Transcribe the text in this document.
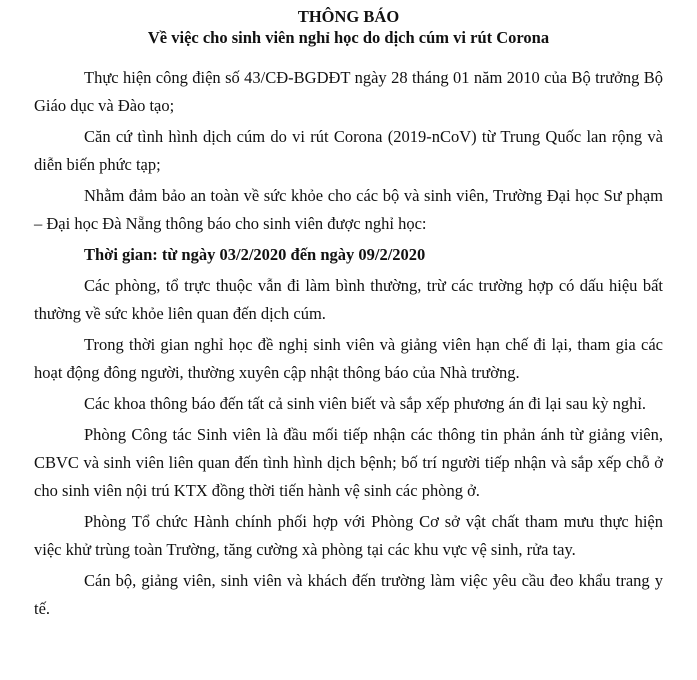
THÔNG BÁO

Về việc cho sinh viên nghỉ học do dịch cúm vi rút Corona

Thực hiện công điện số 43/CĐ-BGDĐT ngày 28 tháng 01 năm 2010 của Bộ trưởng Bộ Giáo dục và Đào tạo;

Căn cứ tình hình dịch cúm do vi rút Corona (2019-nCoV) từ Trung Quốc lan rộng và diễn biến phức tạp;

Nhằm đảm bảo an toàn về sức khỏe cho các bộ và sinh viên, Trường Đại học Sư phạm – Đại học Đà Nẵng thông báo cho sinh viên được nghỉ học:

Thời gian: từ ngày 03/2/2020 đến ngày 09/2/2020

Các phòng, tổ trực thuộc vẫn đi làm bình thường, trừ các trường hợp có dấu hiệu bất thường về sức khỏe liên quan đến dịch cúm.

Trong thời gian nghỉ học đề nghị sinh viên và giảng viên hạn chế đi lại, tham gia các hoạt động đông người, thường xuyên cập nhật thông báo của Nhà trường.

Các khoa thông báo đến tất cả sinh viên biết và sắp xếp phương án đi lại sau kỳ nghỉ.

Phòng Công tác Sinh viên là đầu mối tiếp nhận các thông tin phản ánh từ giảng viên, CBVC và sinh viên liên quan đến tình hình dịch bệnh; bố trí người tiếp nhận và sắp xếp chỗ ở cho sinh viên nội trú KTX đồng thời tiến hành vệ sinh các phòng ở.

Phòng Tổ chức Hành chính phối hợp với Phòng Cơ sở vật chất tham mưu thực hiện việc khử trùng toàn Trường, tăng cường xà phòng tại các khu vực vệ sinh, rửa tay.

Cán bộ, giảng viên, sinh viên và khách đến trường làm việc yêu cầu đeo khẩu trang y tế.
